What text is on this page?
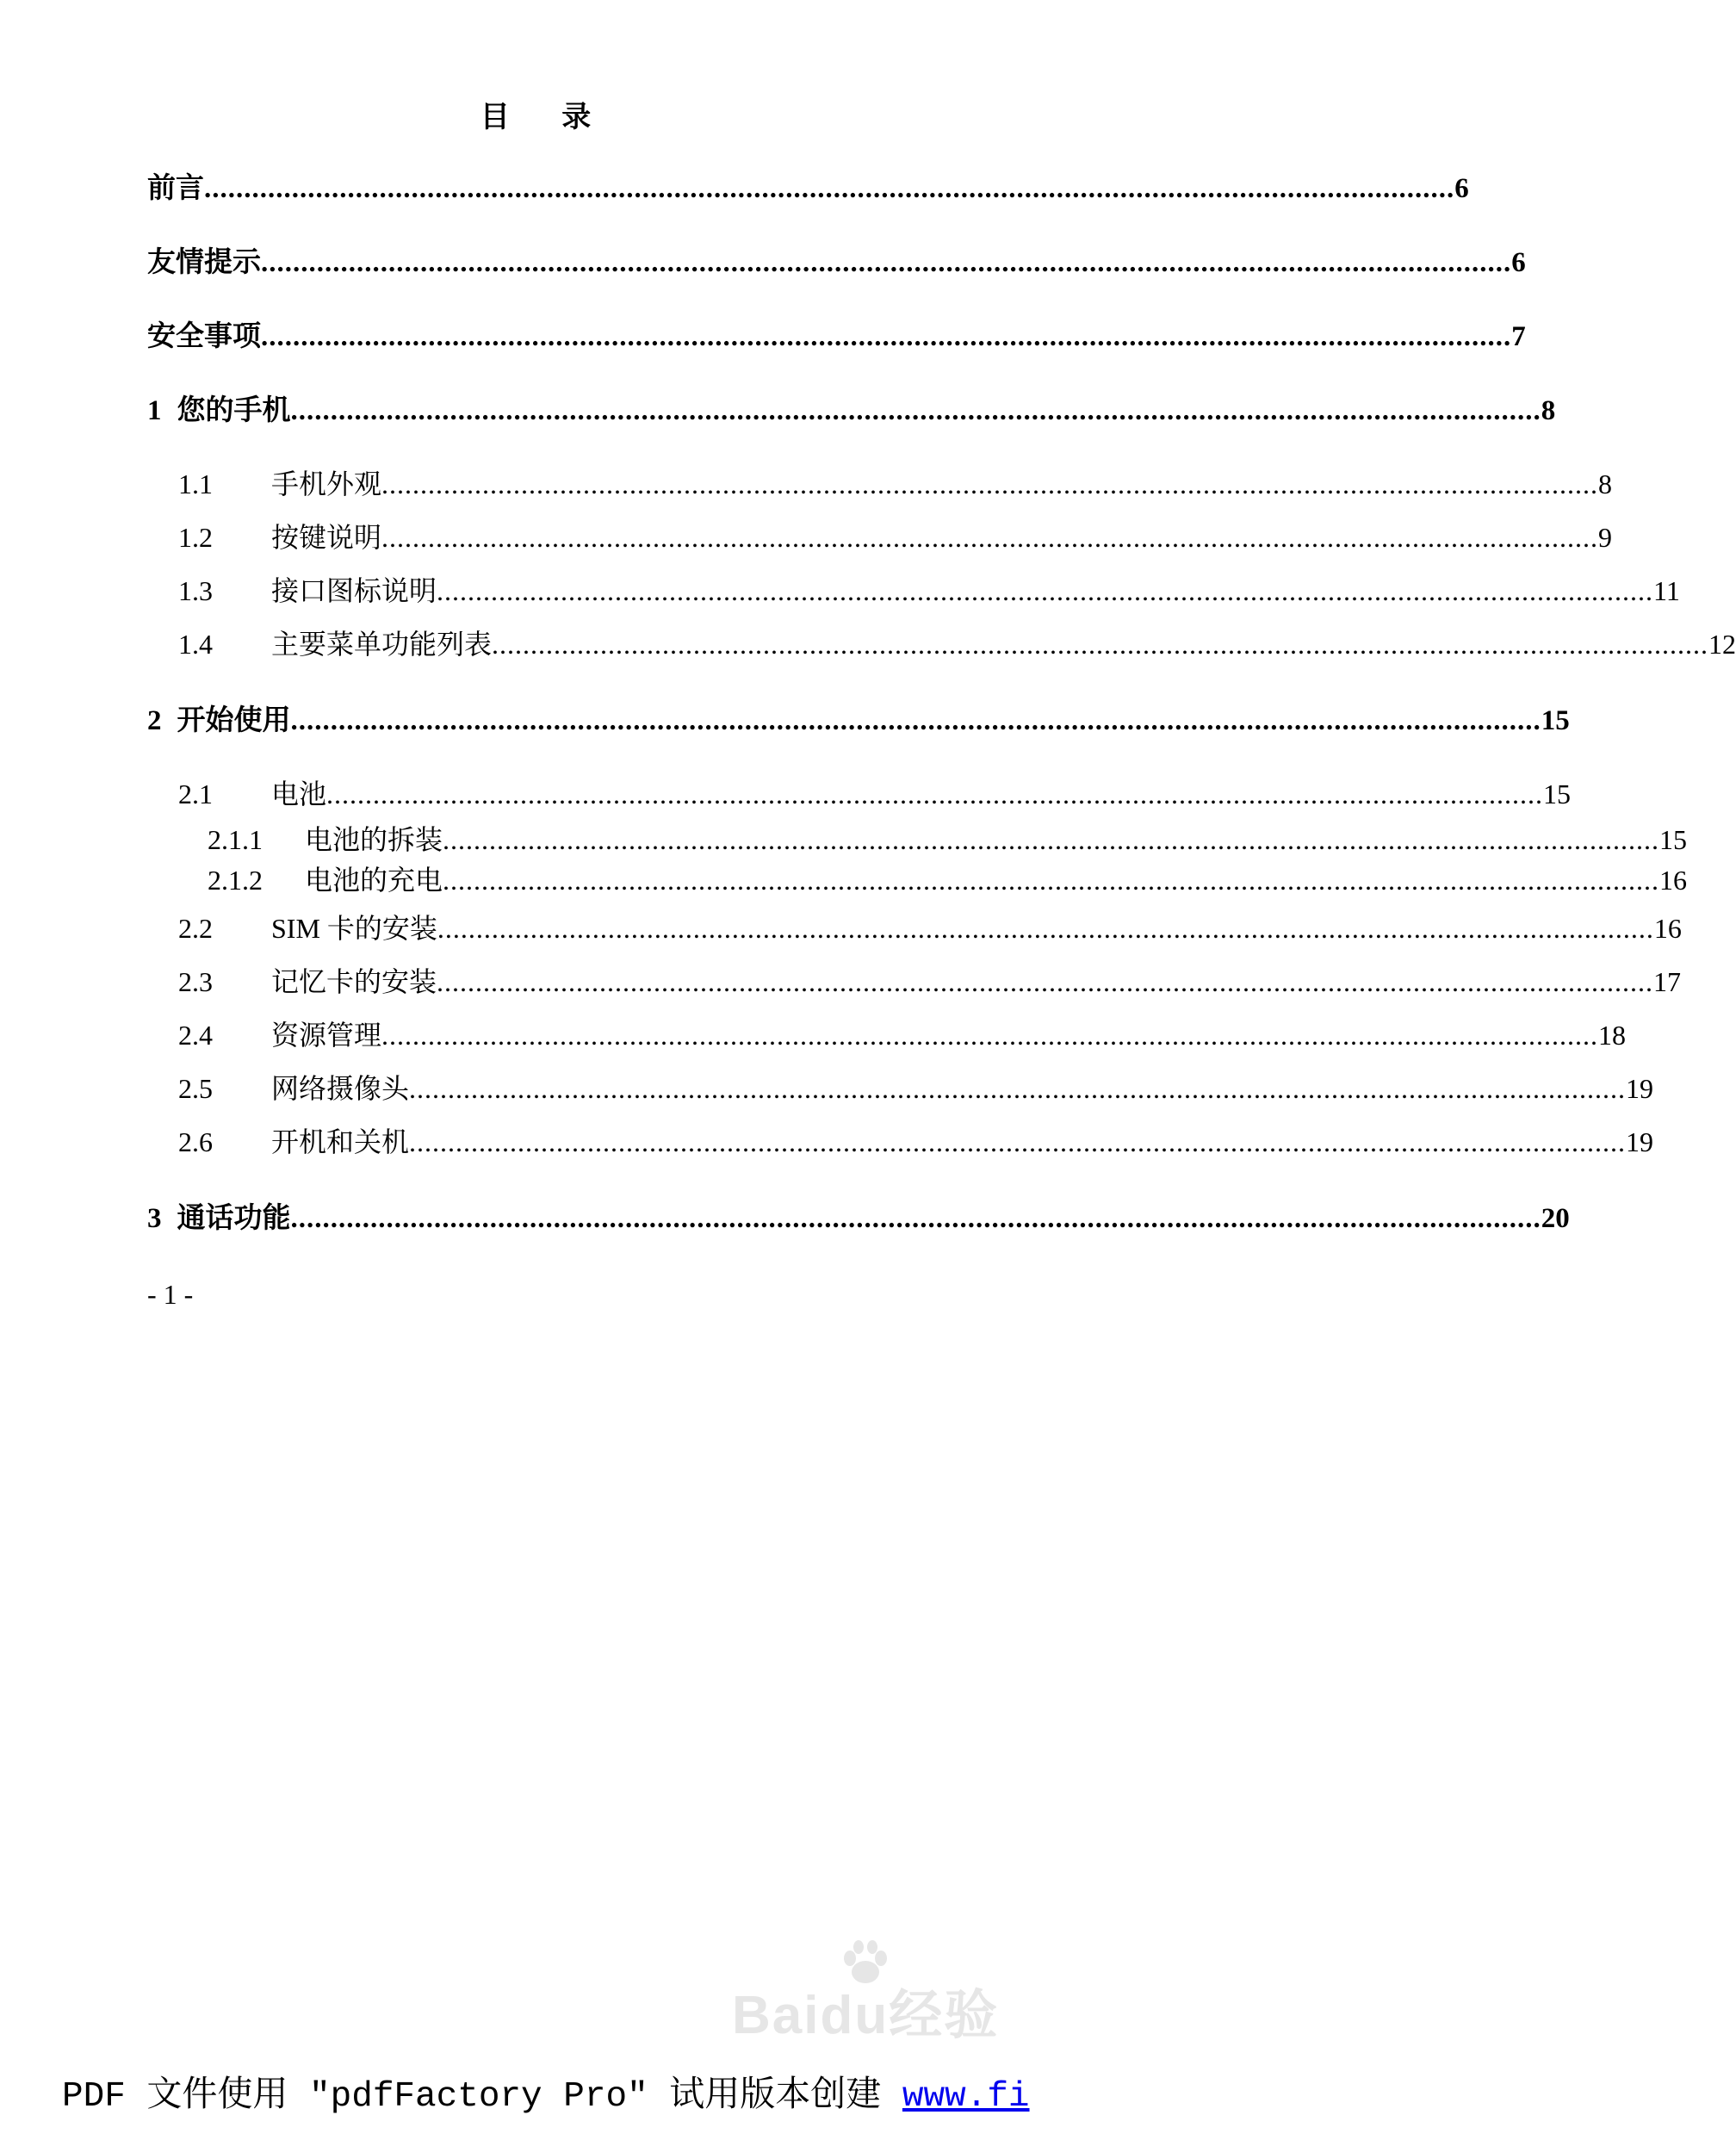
目 录
前言 ............................................................................................................................................................. 6
友情提示 ............................................................................................................................................................. 6
安全事项 ............................................................................................................................................................. 7
1 您的手机 ............................................................................................................................................................. 8
1.1 手机外观 ............................................................................................................................................................. 8
1.2 按键说明 ............................................................................................................................................................. 9
1.3 接口图标说明 ............................................................................................................................................................. 11
1.4 主要菜单功能列表 ............................................................................................................................................................. 12
2 开始使用 ............................................................................................................................................................. 15
2.1 电池 ............................................................................................................................................................. 15
2.1.1 电池的拆装 ............................................................................................................................................................. 15
2.1.2 电池的充电 ............................................................................................................................................................. 16
2.2 SIM 卡的安装 ............................................................................................................................................................. 16
2.3 记忆卡的安装 ............................................................................................................................................................. 17
2.4 资源管理 ............................................................................................................................................................. 18
2.5 网络摄像头 ............................................................................................................................................................. 19
2.6 开机和关机 ............................................................................................................................................................. 19
3 通话功能 ............................................................................................................................................................. 20
- 1 -
Baidu经验
PDF 文件使用 "pdfFactory Pro" 试用版本创建 www.fi
